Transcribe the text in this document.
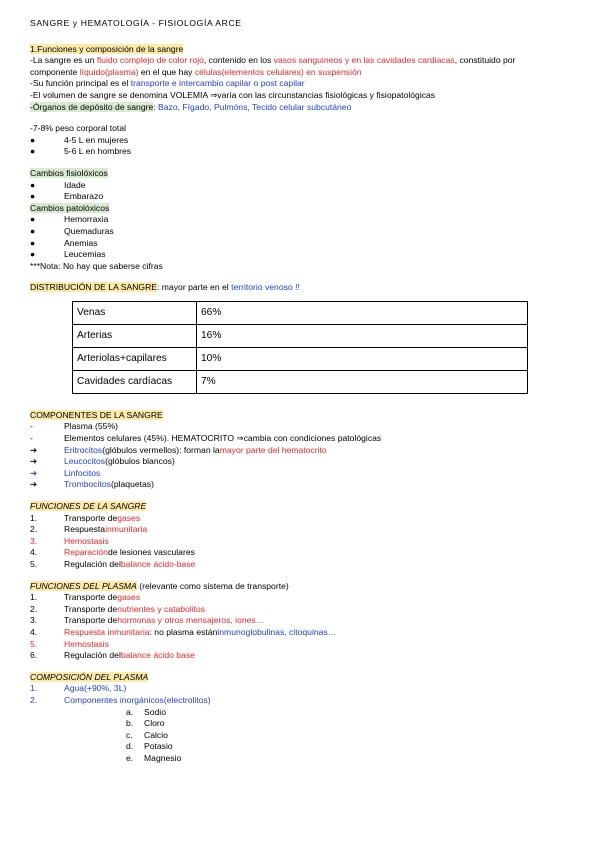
SANGRE y HEMATOLOGÍA - FISIOLOGÍA ARCE
1.Funciones y composición de la sangre
-La sangre es un fluido complejo de color rojo, contenido en los vasos sanguineos y en las cavidades cardiacas, constituido por
componente líquido(plasma) en el que hay células(elementos celulares) en suspensión
-Su función principal es el transporte e intercambio capilar o post capilar
-El volumen de sangre se denomina VOLEMIA ⇒varía con las circunstancias fisiológicas y fisiopatológicas
-Órganos de depósito de sangre: Bazo, Fígado, Pulmóns, Tecido celular subcutáneo
-7-8% peso corporal total
●	4-5 L en mujeres
●	5-6 L en hombres
Cambios fisiolóxicos
●	Idade
●	Embarazo
Cambios patolóxicos
●	Hemorraxia
●	Quemaduras
●	Anemias
●	Leucemias
***Nota: No hay que saberse cifras
DISTRIBUCIÓN DE LA SANGRE: mayor parte en el territorio venoso !!
Venas	66%
Arterias	16%
Arteriolas+capilares	10%
Cavidades cardíacas	7%
COMPONENTES DE LA SANGRE
-	Plasma (55%)
-	Elementos celulares (45%). HEMATOCRITO ⇒cambia con condiciones patológicas
➔	Eritrocitos (glóbulos vermellos): forman la mayor parte del hematocrito
➔	Leucocitos (glóbulos blancos)
➔	Linfocitos
➔	Trombocitos (plaquetas)
FUNCIONES DE LA SANGRE
1.	Transporte de gases
2.	Respuesta inmunitaria
3.	Hemostasis
4.	Reparación de lesiones vasculares
5.	Regulación del balance ácido-base
FUNCIONES DEL PLASMA (relevante como sistema de transporte)
1.	Transporte de gases
2.	Transporte de nutrientes y catabolitos
3.	Transporte de hormonas y otros mensajeros, iones…
4.	Respuesta inmunitaria : no plasma están inmunoglobulinas, citoquinas…
5.	Hemostasis
6.	Regulación del balance ácido base
COMPOSICIÓN DEL PLASMA
1.	Agua(+90%, 3L)
2.	Componentes inorgánicos(electrolitos)
a.	Sodio
b.	Cloro
c.	Calcio
d.	Potasio
e.	Magnesio
